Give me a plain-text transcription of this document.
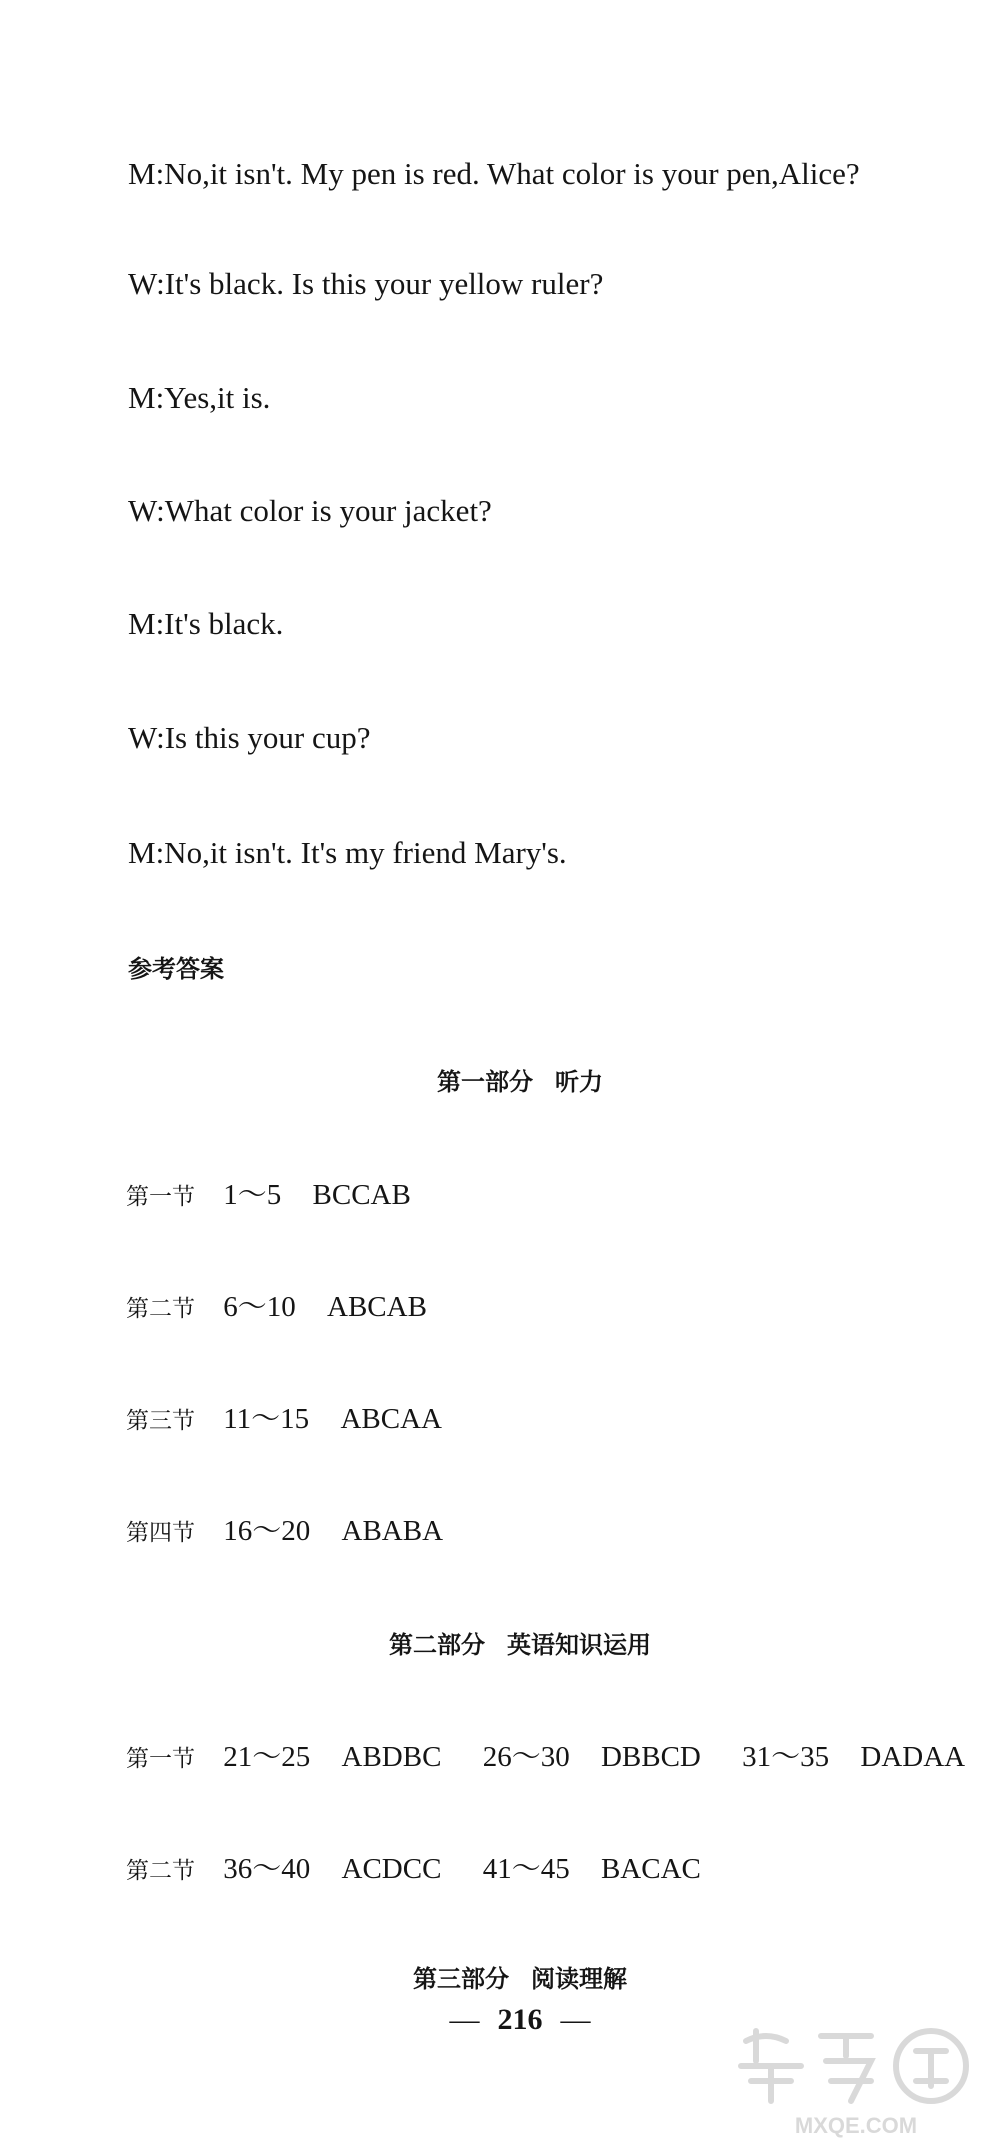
M:No,it isn't. My pen is red. What color is your pen,Alice?
W:It's black. Is this your yellow ruler?
M:Yes,it is.
W:What color is your jacket?
M:It's black.
W:Is this your cup?
M:No,it isn't. It's my friend Mary's.
参考答案
第一部分 听力
第一节 1～5 BCCAB
第二节 6～10 ABCAB
第三节 11～15 ABCAA
第四节 16～20 ABABA
第二部分 英语知识运用
第一节 21～25 ABDBC 26～30 DBBCD 31～35 DADAA
第二节 36～40 ACDCC 41～45 BACAC
第三部分 阅读理解
— 216 —
MXQE.COM
